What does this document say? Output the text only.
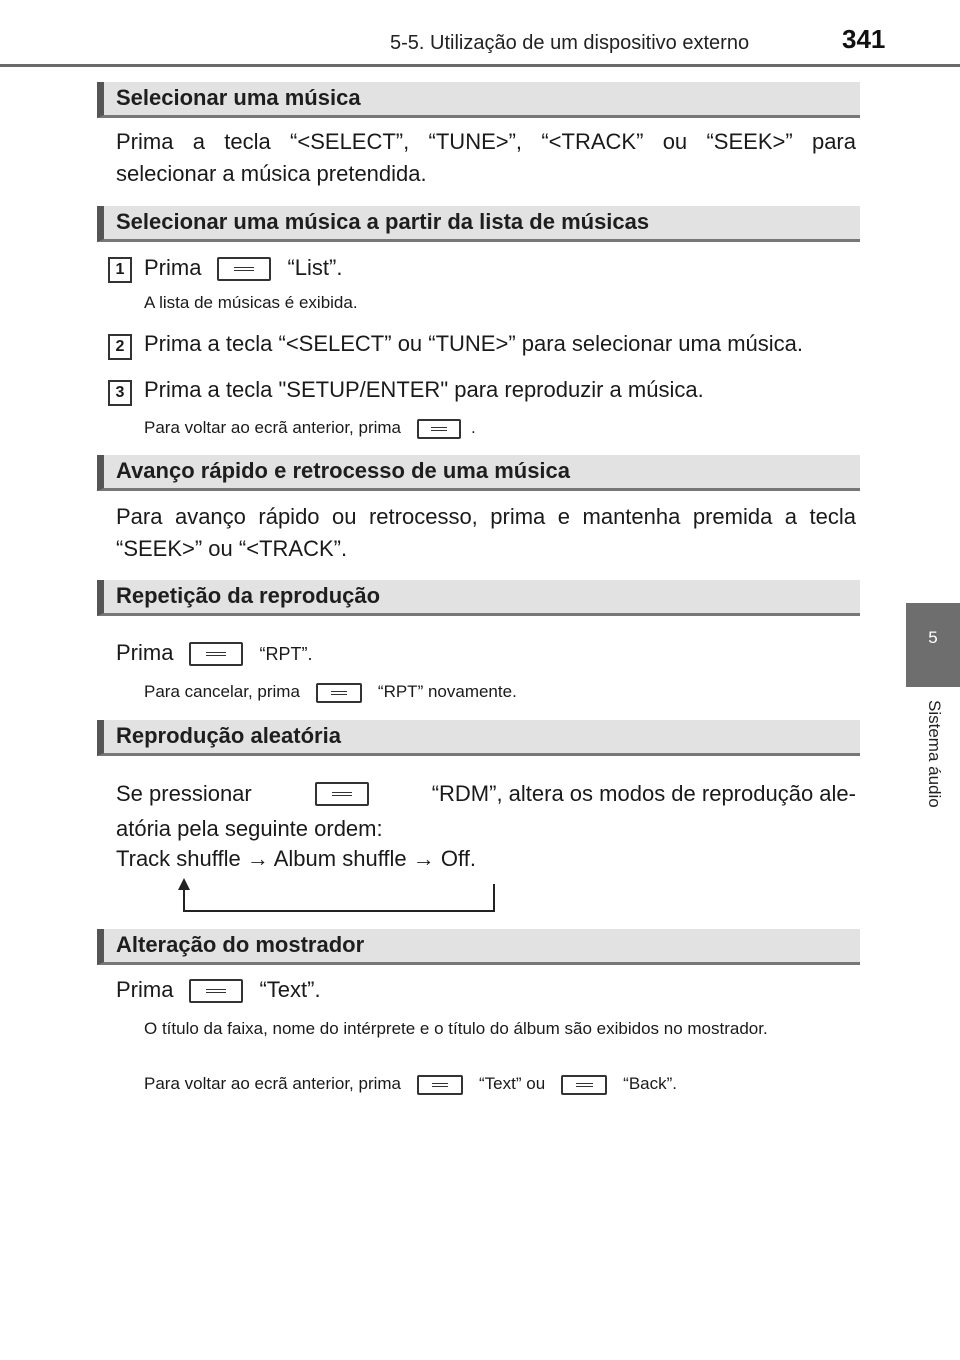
5-5. Utilização de um dispositivo externo	341
5
Sistema áudio
Selecionar uma música
Prima a tecla “<SELECT”, “TUNE>”, “<TRACK” ou “SEEK>” para
selecionar a música pretendida.
Selecionar uma música a partir da lista de músicas
1 Prima	“List”.
A lista de músicas é exibida.
2 Prima a tecla “<SELECT” ou “TUNE>” para selecionar uma música.
3 Prima a tecla "SETUP/ENTER" para reproduzir a música.
Para voltar ao ecrã anterior, prima	.
Avanço rápido e retrocesso de uma música
Para avanço rápido ou retrocesso, prima e mantenha premida a tecla
“SEEK>” ou “<TRACK”.
Repetição da reprodução
Prima	“RPT”.
Para cancelar, prima	“RPT” novamente.
Reprodução aleatória
Se pressionar	“RDM”, altera os modos de reprodução ale-
atória pela seguinte ordem:
Track shuffle → Album shuffle → Off.
Alteração do mostrador
Prima	“Text”.
O título da faixa, nome do intérprete e o título do álbum são exibidos no mostrador.
Para voltar ao ecrã anterior, prima	“Text” ou	“Back”.
